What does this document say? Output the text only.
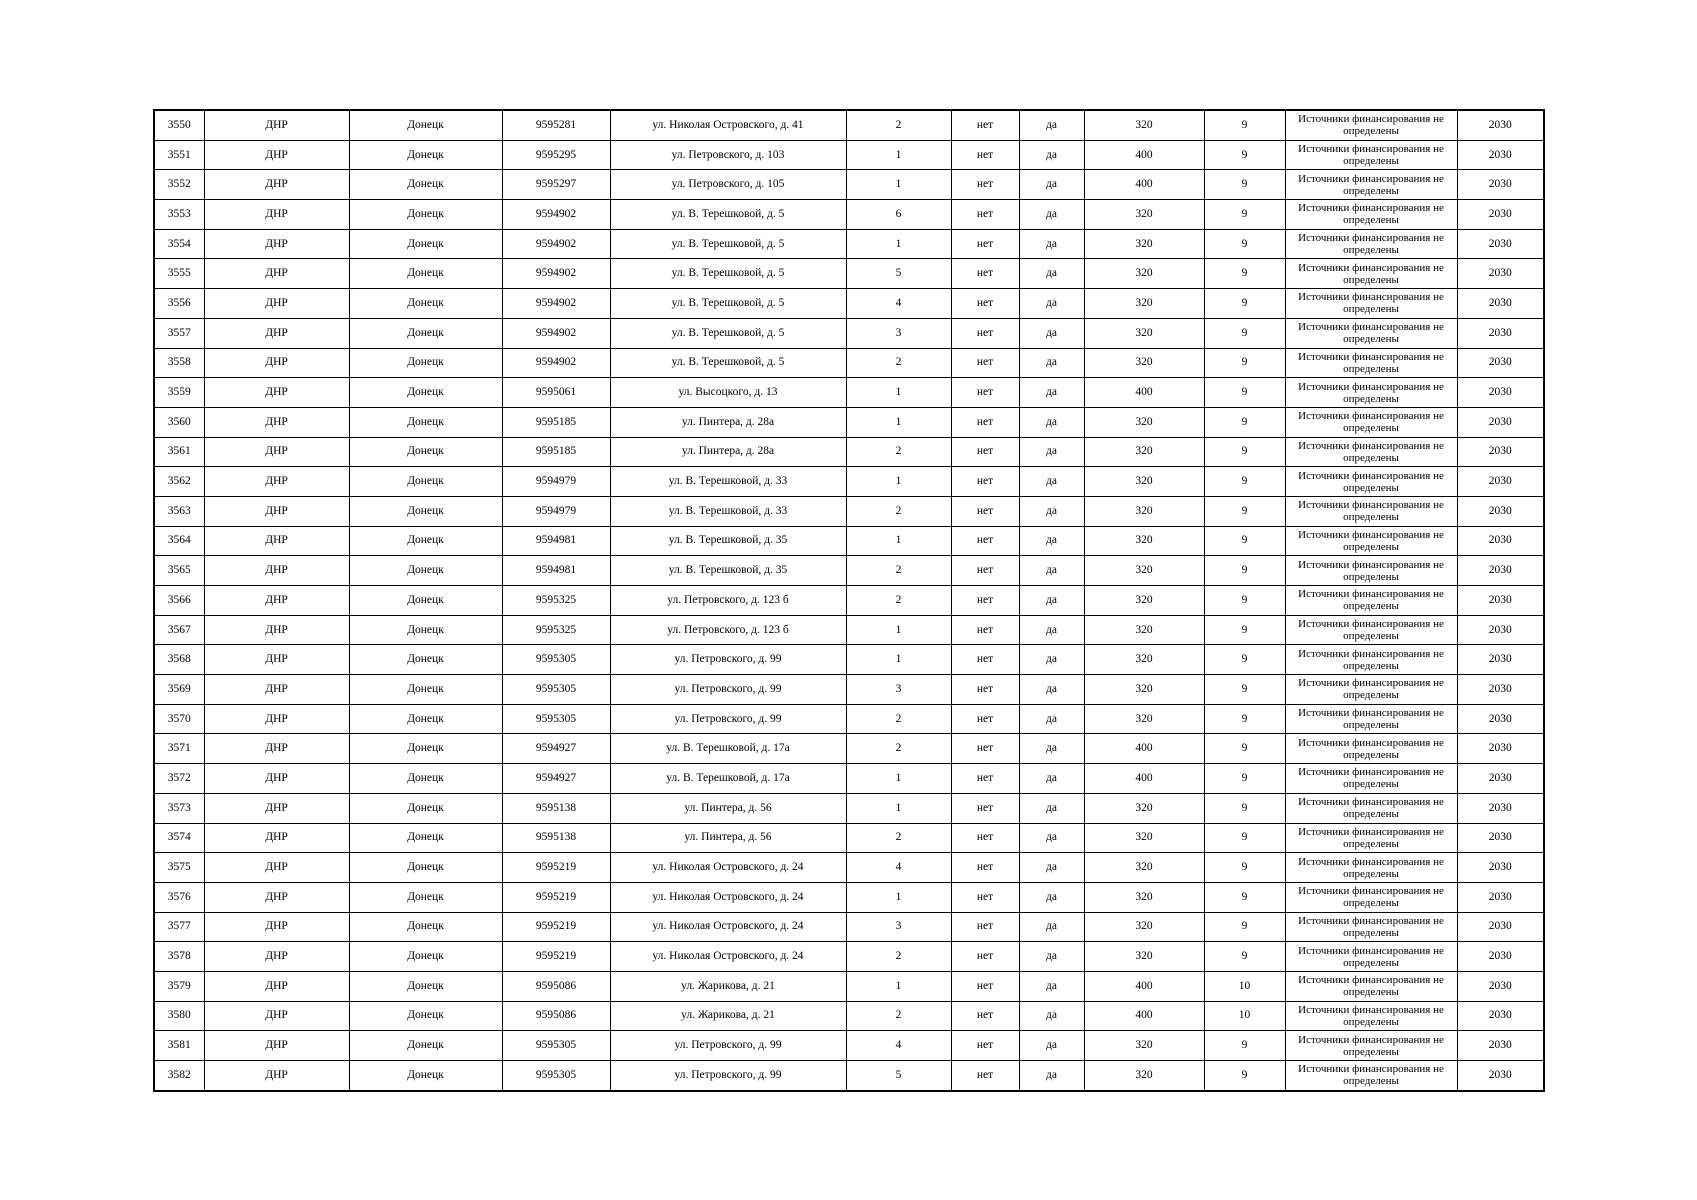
3550	ДНР	Донецк	9595281	ул. Николая Островского, д. 41	2	нет	да	320	9	Источники финансирования не определены	2030
3551	ДНР	Донецк	9595295	ул. Петровского, д. 103	1	нет	да	400	9	Источники финансирования не определены	2030
3552	ДНР	Донецк	9595297	ул. Петровского, д. 105	1	нет	да	400	9	Источники финансирования не определены	2030
3553	ДНР	Донецк	9594902	ул. В. Терешковой, д. 5	6	нет	да	320	9	Источники финансирования не определены	2030
3554	ДНР	Донецк	9594902	ул. В. Терешковой, д. 5	1	нет	да	320	9	Источники финансирования не определены	2030
3555	ДНР	Донецк	9594902	ул. В. Терешковой, д. 5	5	нет	да	320	9	Источники финансирования не определены	2030
3556	ДНР	Донецк	9594902	ул. В. Терешковой, д. 5	4	нет	да	320	9	Источники финансирования не определены	2030
3557	ДНР	Донецк	9594902	ул. В. Терешковой, д. 5	3	нет	да	320	9	Источники финансирования не определены	2030
3558	ДНР	Донецк	9594902	ул. В. Терешковой, д. 5	2	нет	да	320	9	Источники финансирования не определены	2030
3559	ДНР	Донецк	9595061	ул. Высоцкого, д. 13	1	нет	да	400	9	Источники финансирования не определены	2030
3560	ДНР	Донецк	9595185	ул. Пинтера, д. 28а	1	нет	да	320	9	Источники финансирования не определены	2030
3561	ДНР	Донецк	9595185	ул. Пинтера, д. 28а	2	нет	да	320	9	Источники финансирования не определены	2030
3562	ДНР	Донецк	9594979	ул. В. Терешковой, д. 33	1	нет	да	320	9	Источники финансирования не определены	2030
3563	ДНР	Донецк	9594979	ул. В. Терешковой, д. 33	2	нет	да	320	9	Источники финансирования не определены	2030
3564	ДНР	Донецк	9594981	ул. В. Терешковой, д. 35	1	нет	да	320	9	Источники финансирования не определены	2030
3565	ДНР	Донецк	9594981	ул. В. Терешковой, д. 35	2	нет	да	320	9	Источники финансирования не определены	2030
3566	ДНР	Донецк	9595325	ул. Петровского, д. 123 б	2	нет	да	320	9	Источники финансирования не определены	2030
3567	ДНР	Донецк	9595325	ул. Петровского, д. 123 б	1	нет	да	320	9	Источники финансирования не определены	2030
3568	ДНР	Донецк	9595305	ул. Петровского, д. 99	1	нет	да	320	9	Источники финансирования не определены	2030
3569	ДНР	Донецк	9595305	ул. Петровского, д. 99	3	нет	да	320	9	Источники финансирования не определены	2030
3570	ДНР	Донецк	9595305	ул. Петровского, д. 99	2	нет	да	320	9	Источники финансирования не определены	2030
3571	ДНР	Донецк	9594927	ул. В. Терешковой, д. 17а	2	нет	да	400	9	Источники финансирования не определены	2030
3572	ДНР	Донецк	9594927	ул. В. Терешковой, д. 17а	1	нет	да	400	9	Источники финансирования не определены	2030
3573	ДНР	Донецк	9595138	ул. Пинтера, д. 56	1	нет	да	320	9	Источники финансирования не определены	2030
3574	ДНР	Донецк	9595138	ул. Пинтера, д. 56	2	нет	да	320	9	Источники финансирования не определены	2030
3575	ДНР	Донецк	9595219	ул. Николая Островского, д. 24	4	нет	да	320	9	Источники финансирования не определены	2030
3576	ДНР	Донецк	9595219	ул. Николая Островского, д. 24	1	нет	да	320	9	Источники финансирования не определены	2030
3577	ДНР	Донецк	9595219	ул. Николая Островского, д. 24	3	нет	да	320	9	Источники финансирования не определены	2030
3578	ДНР	Донецк	9595219	ул. Николая Островского, д. 24	2	нет	да	320	9	Источники финансирования не определены	2030
3579	ДНР	Донецк	9595086	ул. Жарикова, д. 21	1	нет	да	400	10	Источники финансирования не определены	2030
3580	ДНР	Донецк	9595086	ул. Жарикова, д. 21	2	нет	да	400	10	Источники финансирования не определены	2030
3581	ДНР	Донецк	9595305	ул. Петровского, д. 99	4	нет	да	320	9	Источники финансирования не определены	2030
3582	ДНР	Донецк	9595305	ул. Петровского, д. 99	5	нет	да	320	9	Источники финансирования не определены	2030
